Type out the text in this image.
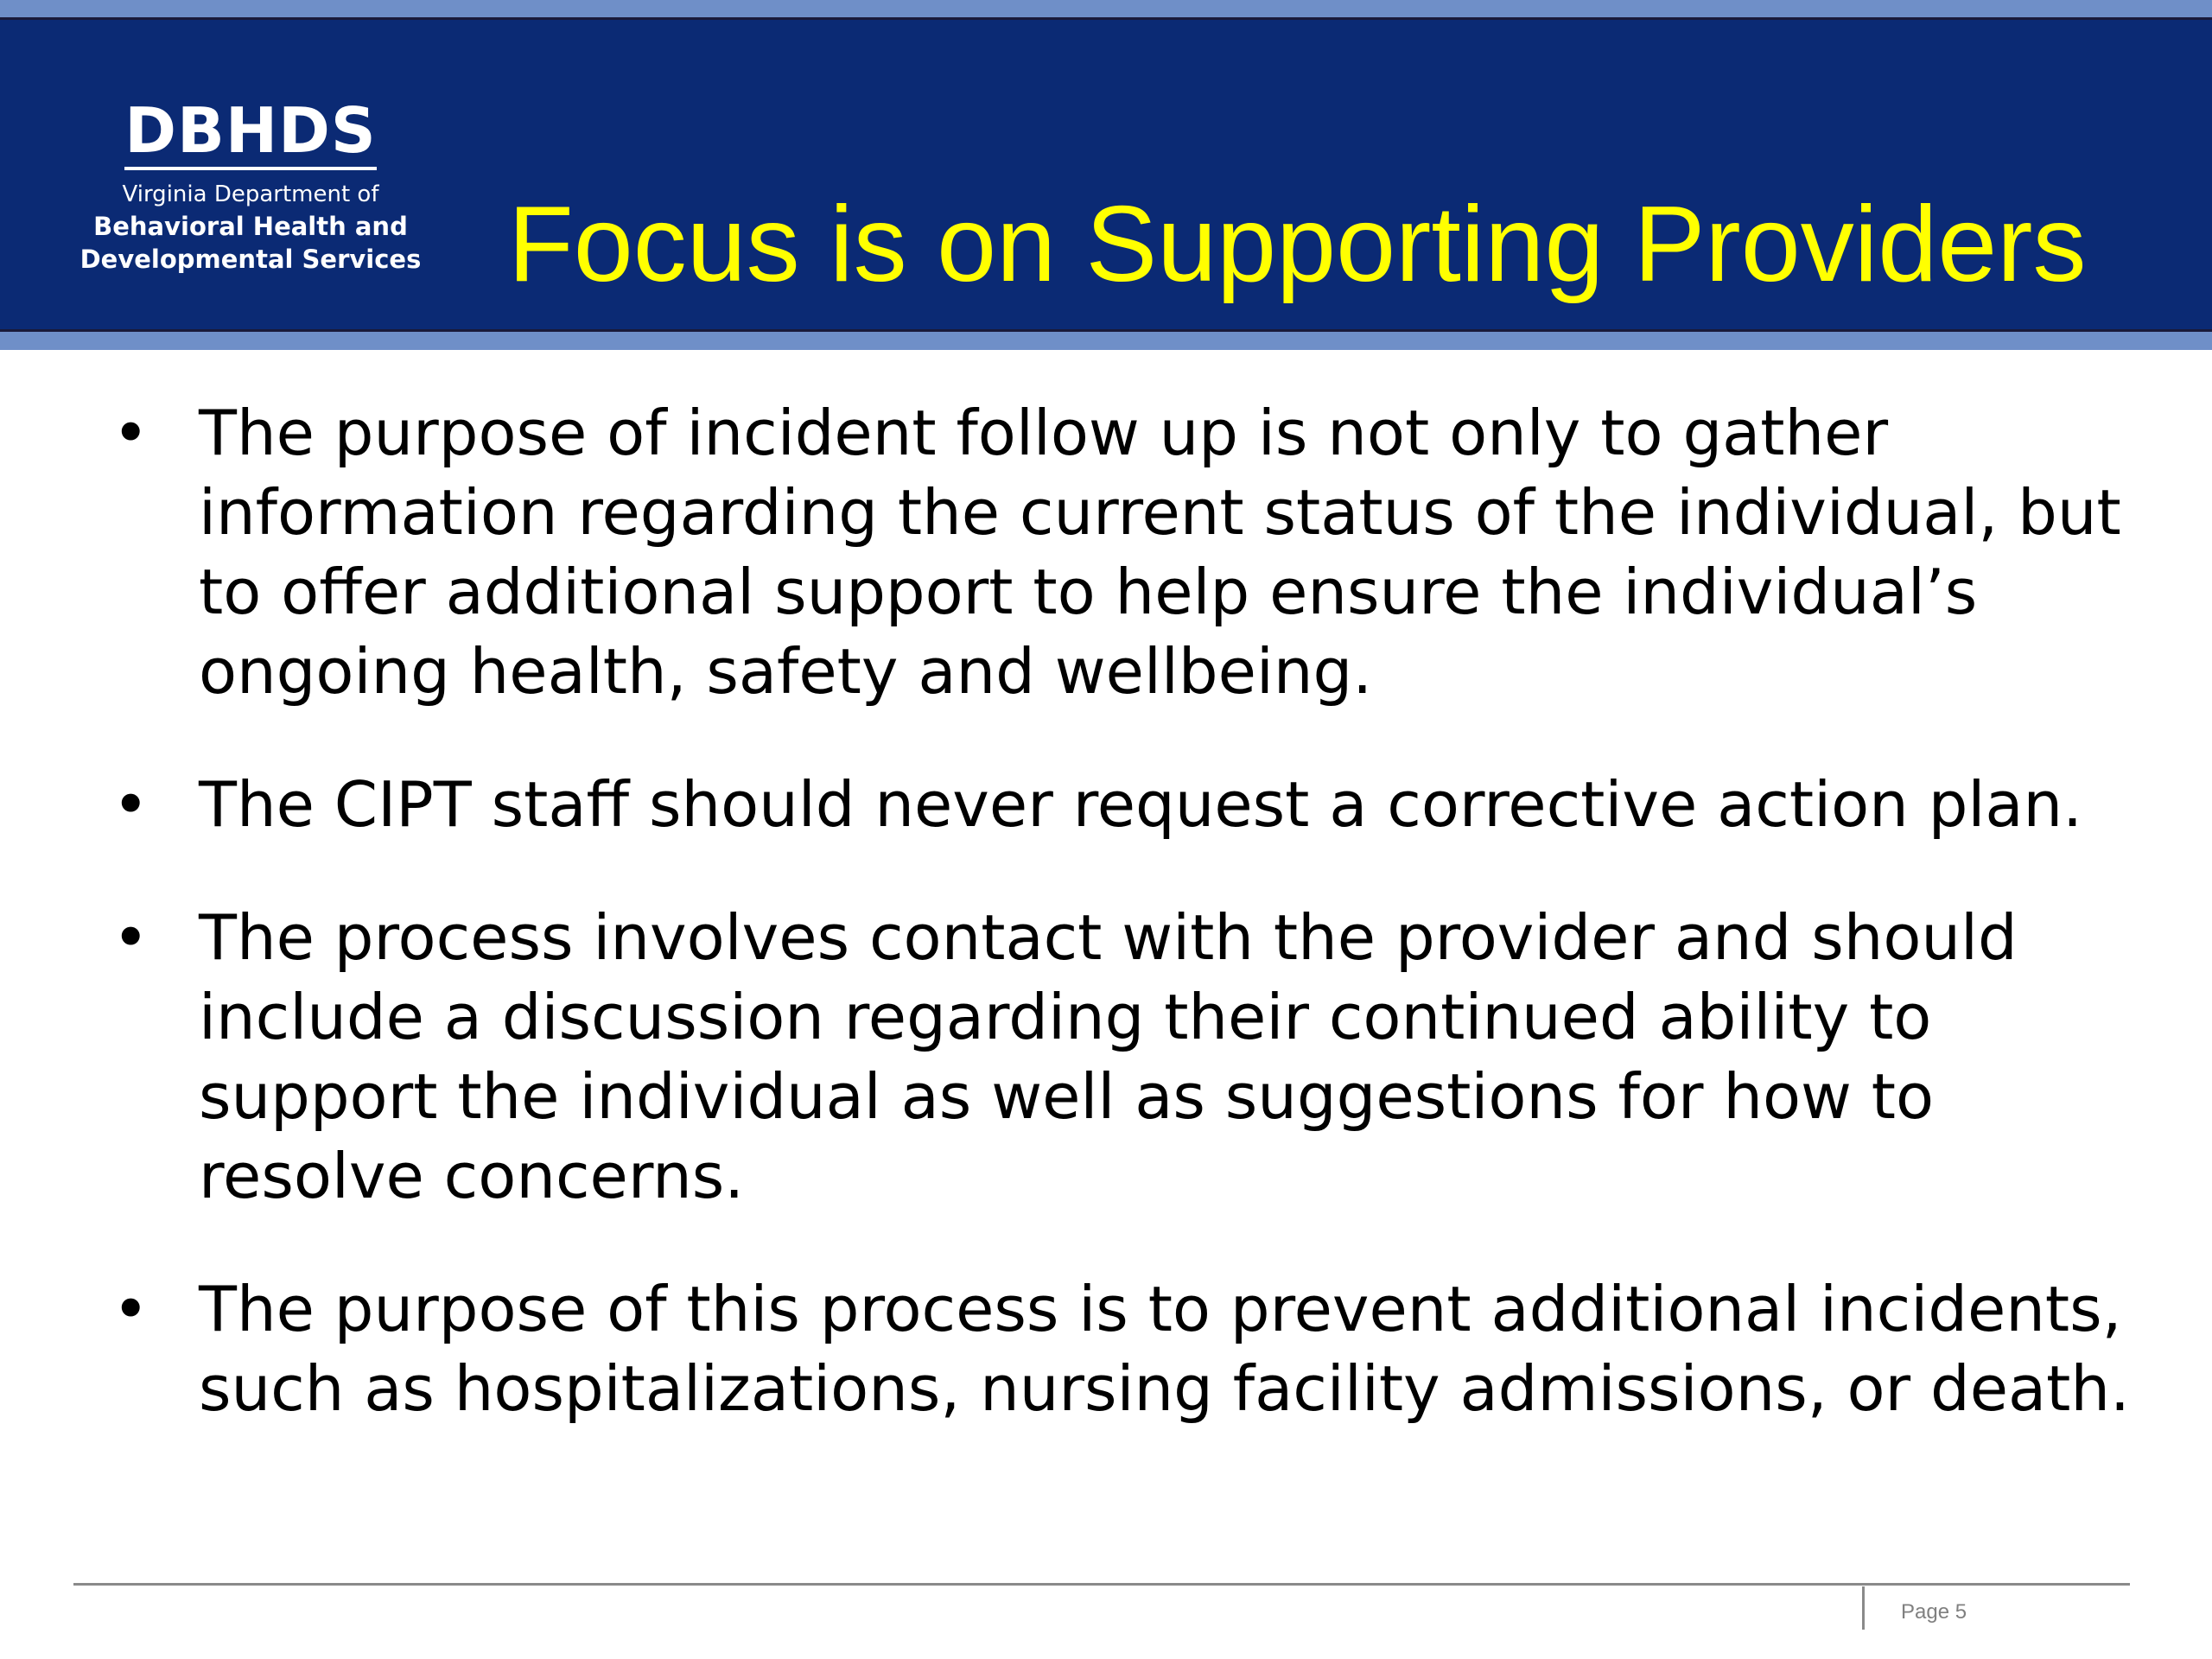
DBHDS
Virginia Department of
Behavioral Health and
Developmental Services Focus is on Supporting Providers
• The purpose of incident follow up is not only to gather information regarding the current status of the individual, but to offer additional support to help ensure the individual’s ongoing health, safety and wellbeing.
• The CIPT staff should never request a corrective action plan.
• The process involves contact with the provider and should include a discussion regarding their continued ability to support the individual as well as suggestions for how to resolve concerns.
• The purpose of this process is to prevent additional incidents, such as hospitalizations, nursing facility admissions, or death.
Page 5
